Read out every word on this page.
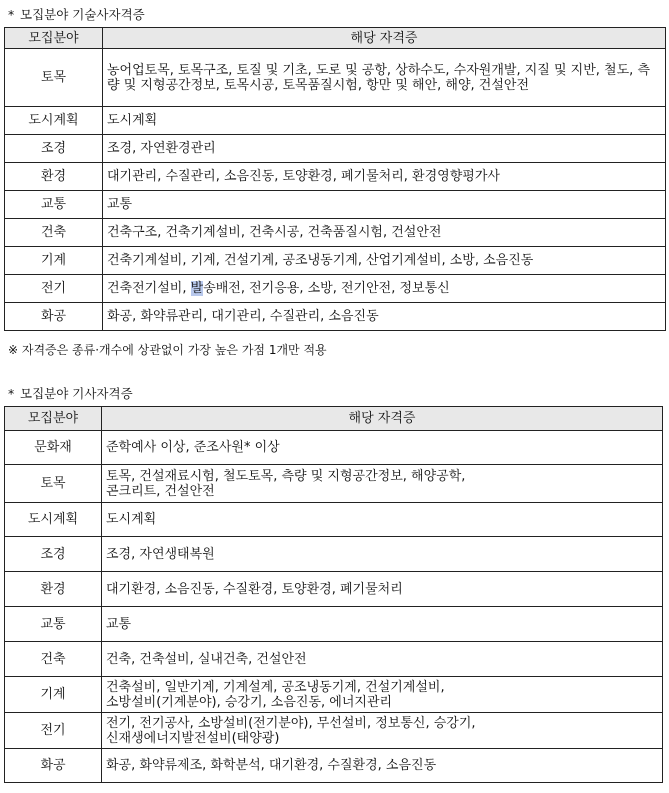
* 모집분야 기술사자격증
모집분야	해당 자격증
토목	농어업토목, 토목구조, 토질 및 기초, 도로 및 공항, 상하수도, 수자원개발, 지질 및 지반, 철도, 측량 및 지형공간정보, 토목시공, 토목품질시험, 항만 및 해안, 해양, 건설안전
도시계획	도시계획
조경	조경, 자연환경관리
환경	대기관리, 수질관리, 소음진동, 토양환경, 폐기물처리, 환경영향평가사
교통	교통
건축	건축구조, 건축기계설비, 건축시공, 건축품질시험, 건설안전
기계	건축기계설비, 기계, 건설기계, 공조냉동기계, 산업기계설비, 소방, 소음진동
전기	건축전기설비, 발송배전, 전기응용, 소방, 전기안전, 정보통신
화공	화공, 화약류관리, 대기관리, 수질관리, 소음진동
※ 자격증은 종류·개수에 상관없이 가장 높은 가점 1개만 적용
* 모집분야 기사자격증
모집분야	해당 자격증
문화재	준학예사 이상, 준조사원* 이상
토목	토목, 건설재료시험, 철도토목, 측량 및 지형공간정보, 해양공학,
콘크리트, 건설안전
도시계획	도시계획
조경	조경, 자연생태복원
환경	대기환경, 소음진동, 수질환경, 토양환경, 폐기물처리
교통	교통
건축	건축, 건축설비, 실내건축, 건설안전
기계	건축설비, 일반기계, 기계설계, 공조냉동기계, 건설기계설비,
소방설비(기계분야), 승강기, 소음진동, 에너지관리
전기	전기, 전기공사, 소방설비(전기분야), 무선설비, 정보통신, 승강기,
신재생에너지발전설비(태양광)
화공	화공, 화약류제조, 화학분석, 대기환경, 수질환경, 소음진동
